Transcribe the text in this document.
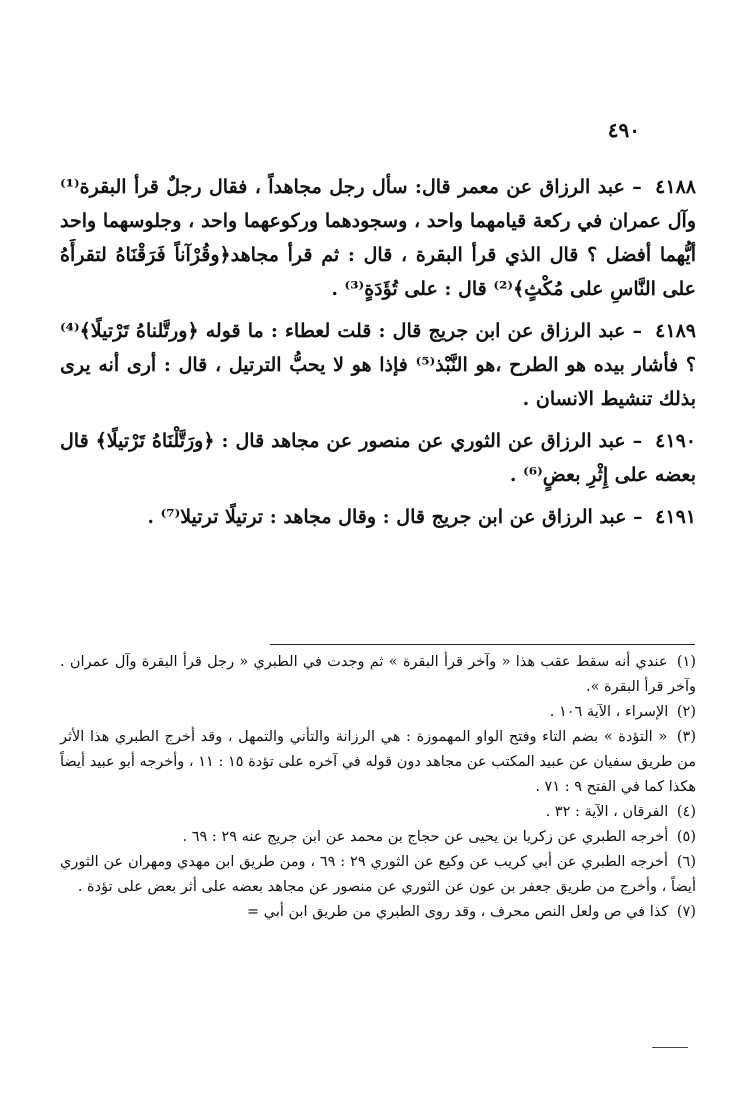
٤٩٠

٤١٨٨ – عبد الرزاق عن معمر قال: سأل رجل مجاهداً ، فقال رجلٌ قرأ البقرة⁽¹⁾ وآل عمران في ركعة قيامهما واحد ، وسجودهما وركوعهما واحد ، وجلوسهما واحد أيُّهما أفضل ؟ قال الذي قرأ البقرة ، قال : ثم قرأ مجاهد﴿وقُرْآناً فَرَقْنَاهُ لتقرأَهُ على النَّاسِ على مُكْثٍ﴾⁽²⁾ قال : على تُؤَدَةٍ⁽³⁾ .

٤١٨٩ – عبد الرزاق عن ابن جريج قال : قلت لعطاء : ما قوله ﴿ورتَّلناهُ تَرْتيلًا﴾⁽⁴⁾ ؟ فأشار بيده هو الطرح ،هو النَّبْذ⁽⁵⁾ فإذا هو لا يحبُّ الترتيل ، قال : أرى أنه يرى بذلك تنشيط الانسان .

٤١٩٠ – عبد الرزاق عن الثوري عن منصور عن مجاهد قال : ﴿ورَتَّلْنَاهُ تَرْتيلًا﴾ قال بعضه على إِثْرِ بعضٍ⁽⁶⁾ .

٤١٩١ – عبد الرزاق عن ابن جريج قال : وقال مجاهد : ترتيلًا ترتيلا⁽⁷⁾ .

(١) عندي أنه سقط عقب هذا « وآخر قرأ البقرة » ثم وجدت في الطبري « رجل قرأ البقرة وآل عمران . وآخر قرأ البقرة ».

(٢) الإسراء ، الآية ١٠٦ .

(٣) « التؤدة » بضم التاء وفتح الواو المهموزة : هي الرزانة والتأني والتمهل ، وقد أخرج الطبري هذا الأثر من طريق سفيان عن عبيد المكتب عن مجاهد دون قوله في آخره على تؤدة ١٥ : ١١ ، وأخرجه أبو عبيد أيضاً هكذا كما في الفتح ٩ : ٧١ .

(٤) الفرقان ، الآية : ٣٢ .

(٥) أخرجه الطبري عن زكريا بن يحيى عن حجاج بن محمد عن ابن جريج عنه ٢٩ : ٦٩ .

(٦) أخرجه الطبري عن أبي كريب عن وكيع عن الثوري ٢٩ : ٦٩ ، ومن طريق ابن مهدي ومهران عن الثوري أيضاً ، وأخرج من طريق جعفر بن عون عن الثوري عن منصور عن مجاهد بعضه على أثر بعض على تؤدة .

(٧) كذا في ص ولعل النص محرف ، وقد روى الطبري من طريق ابن أبي =
